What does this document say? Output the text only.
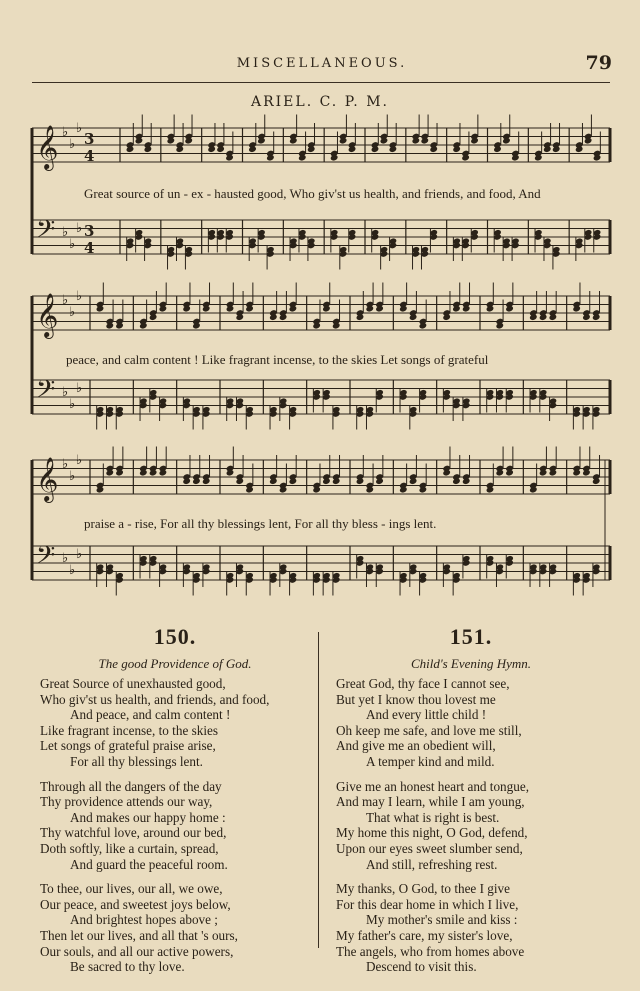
MISCELLANEOUS.	79
ARIEL. C. P. M.
𝄞 ♭
♭
♭
3
4
𝄢 ♭
♭
♭ 3
4
𝄞 ♭
♭
♭
𝄢 ♭
♭
♭
𝄞 ♭
♭
♭
𝄢 ♭
♭
♭
Great source of un - ex - hausted good, Who giv'st us health, and friends, and food, And
peace, and calm content ! Like fragrant incense, to the skies Let songs of grateful
praise a - rise, For all thy blessings lent, For all thy bless - ings lent.
150.
The good Providence of God.
Great Source of unexhausted good,
Who giv'st us health, and friends, and food,
And peace, and calm content !
Like fragrant incense, to the skies
Let songs of grateful praise arise,
For all thy blessings lent.
Through all the dangers of the day
Thy providence attends our way,
And makes our happy home :
Thy watchful love, around our bed,
Doth softly, like a curtain, spread,
And guard the peaceful room.
To thee, our lives, our all, we owe,
Our peace, and sweetest joys below,
And brightest hopes above ;
Then let our lives, and all that 's ours,
Our souls, and all our active powers,
Be sacred to thy love.
151.
Child's Evening Hymn.
Great God, thy face I cannot see,
But yet I know thou lovest me
And every little child !
Oh keep me safe, and love me still,
And give me an obedient will,
A temper kind and mild.
Give me an honest heart and tongue,
And may I learn, while I am young,
That what is right is best.
My home this night, O God, defend,
Upon our eyes sweet slumber send,
And still, refreshing rest.
My thanks, O God, to thee I give
For this dear home in which I live,
My mother's smile and kiss :
My father's care, my sister's love,
The angels, who from homes above
Descend to visit this.
